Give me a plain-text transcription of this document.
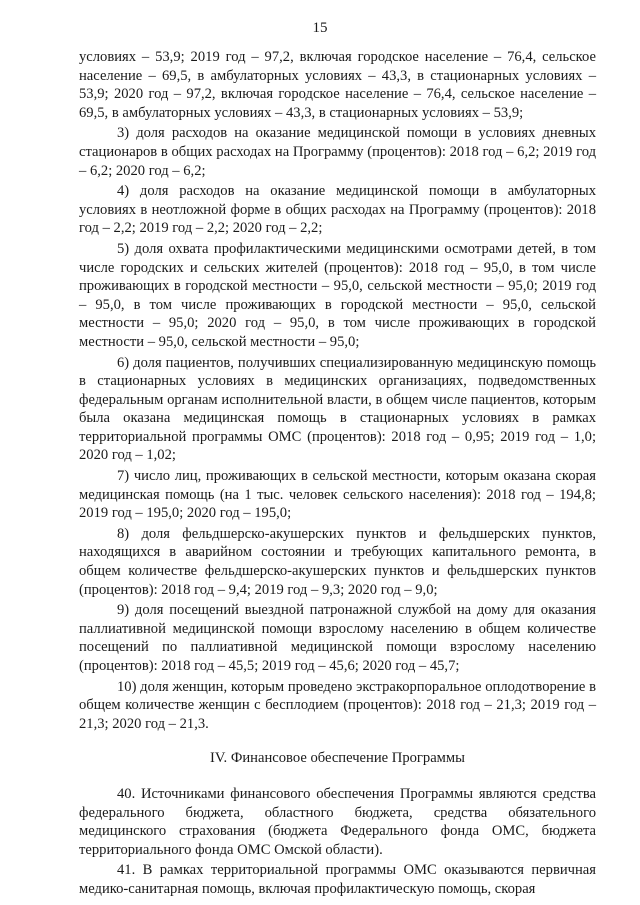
15

условиях – 53,9; 2019 год – 97,2, включая городское население – 76,4, сельское население – 69,5, в амбулаторных условиях – 43,3, в стационарных условиях – 53,9; 2020 год – 97,2, включая городское население – 76,4, сельское население – 69,5, в амбулаторных условиях – 43,3, в стационарных условиях – 53,9;

3) доля расходов на оказание медицинской помощи в условиях дневных стационаров в общих расходах на Программу (процентов): 2018 год – 6,2; 2019 год – 6,2; 2020 год – 6,2;

4) доля расходов на оказание медицинской помощи в амбулаторных условиях в неотложной форме в общих расходах на Программу (процентов): 2018 год – 2,2; 2019 год – 2,2; 2020 год – 2,2;

5) доля охвата профилактическими медицинскими осмотрами детей, в том числе городских и сельских жителей (процентов): 2018 год – 95,0, в том числе проживающих в городской местности – 95,0, сельской местности – 95,0; 2019 год – 95,0, в том числе проживающих в городской местности – 95,0, сельской местности – 95,0; 2020 год – 95,0, в том числе проживающих в городской местности – 95,0, сельской местности – 95,0;

6) доля пациентов, получивших специализированную медицинскую помощь в стационарных условиях в медицинских организациях, подведомственных федеральным органам исполнительной власти, в общем числе пациентов, которым была оказана медицинская помощь в стационарных условиях в рамках территориальной программы ОМС (процентов): 2018 год – 0,95; 2019 год – 1,0; 2020 год – 1,02;

7) число лиц, проживающих в сельской местности, которым оказана скорая медицинская помощь (на 1 тыс. человек сельского населения): 2018 год – 194,8; 2019 год – 195,0; 2020 год – 195,0;

8) доля фельдшерско-акушерских пунктов и фельдшерских пунктов, находящихся в аварийном состоянии и требующих капитального ремонта, в общем количестве фельдшерско-акушерских пунктов и фельдшерских пунктов (процентов): 2018 год – 9,4; 2019 год – 9,3; 2020 год – 9,0;

9) доля посещений выездной патронажной службой на дому для оказания паллиативной медицинской помощи взрослому населению в общем количестве посещений по паллиативной медицинской помощи взрослому населению (процентов): 2018 год – 45,5; 2019 год – 45,6; 2020 год – 45,7;

10) доля женщин, которым проведено экстракорпоральное оплодотворение в общем количестве женщин с бесплодием (процентов): 2018 год – 21,3; 2019 год – 21,3; 2020 год – 21,3.

IV. Финансовое обеспечение Программы

40. Источниками финансового обеспечения Программы являются средства федерального бюджета, областного бюджета, средства обязательного медицинского страхования (бюджета Федерального фонда ОМС, бюджета территориального фонда ОМС Омской области).

41. В рамках территориальной программы ОМС оказываются первичная медико-санитарная помощь, включая профилактическую помощь, скорая
